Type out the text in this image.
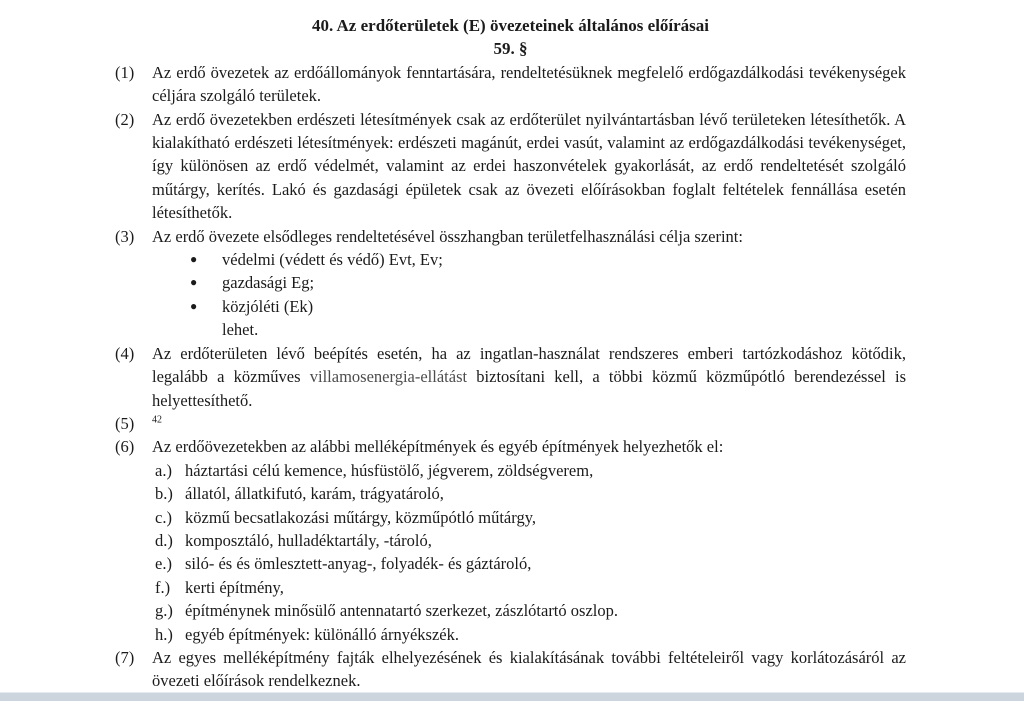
40. Az erdőterületek (E) övezeteinek általános előírásai
59. §
(1)	Az erdő övezetek az erdőállományok fenntartására, rendeltetésüknek megfelelő erdőgazdálkodási tevékenységek céljára szolgáló területek.
(2)	Az erdő övezetekben erdészeti létesítmények csak az erdőterület nyilvántartásban lévő területeken létesíthetők. A kialakítható erdészeti létesítmények: erdészeti magánút, erdei vasút, valamint az erdőgazdálkodási tevékenységet, így különösen az erdő védelmét, valamint az erdei haszonvételek gyakorlását, az erdő rendeltetését szolgáló műtárgy, kerítés. Lakó és gazdasági épületek csak az övezeti előírásokban foglalt feltételek fennállása esetén létesíthetők.
(3)	Az erdő övezete elsődleges rendeltetésével összhangban területfelhasználási célja szerint:
●	védelmi (védett és védő) Evt, Ev;
●	gazdasági Eg;
●	közjóléti (Ek)
lehet.
(4)	Az erdőterületen lévő beépítés esetén, ha az ingatlan-használat rendszeres emberi tartózkodáshoz kötődik, legalább a közműves villamosenergia-ellátást biztosítani kell, a többi közmű közműpótló berendezéssel is helyettesíthető.
(5)	$^{42}$
(6)	Az erdőövezetekben az alábbi melléképítmények és egyéb építmények helyezhetők el:
a.) háztartási célú kemence, húsfüstölő, jégverem, zöldségverem,
b.) állatól, állatkifutó, karám, trágyatároló,
c.) közmű becsatlakozási műtárgy, közműpótló műtárgy,
d.) komposztáló, hulladéktartály, -tároló,
e.) siló- és és ömlesztett-anyag-, folyadék- és gáztároló,
f.) kerti építmény,
g.) építménynek minősülő antennatartó szerkezet, zászlótartó oszlop.
h.) egyéb építmények: különálló árnyékszék.
(7)	Az egyes melléképítmény fajták elhelyezésének és kialakításának további feltételeiről vagy korlátozásáról az övezeti előírások rendelkeznek.
